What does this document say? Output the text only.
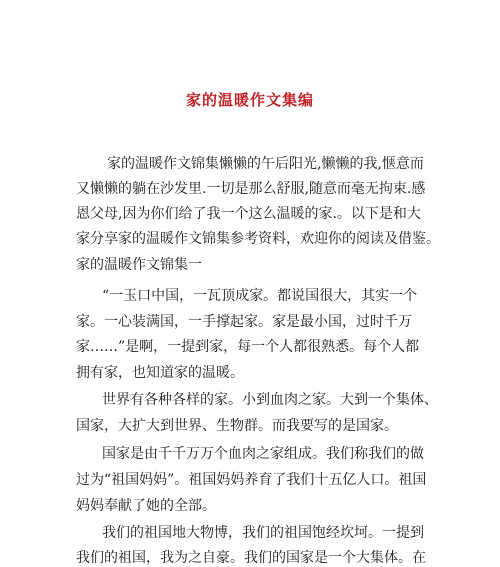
家的温暖作文集编
家的温暖作文锦集懒懒的午后阳光,懒懒的我,惬意而
又懒懒的躺在沙发里.一切是那么舒服,随意而毫无拘束.感
恩父母,因为你们给了我一个这么温暖的家.。以下是和大
家分享家的温暖作文锦集参考资料，欢迎你的阅读及借鉴。
家的温暖作文锦集一
“一玉口中国，一瓦顶成家。都说国很大，其实一个
家。一心装满国，一手撑起家。家是最小国，过时千万
家……”是啊，一提到家，每一个人都很熟悉。每个人都
拥有家，也知道家的温暖。
世界有各种各样的家。小到血肉之家。大到一个集体、
国家，大扩大到世界、生物群。而我要写的是国家。
国家是由千千万万个血肉之家组成。我们称我们的做
过为“祖国妈妈”。祖国妈妈养育了我们十五亿人口。祖国
妈妈奉献了她的全部。
我们的祖国地大物博，我们的祖国饱经坎坷。一提到
我们的祖国，我为之自豪。我们的国家是一个大集体。在
